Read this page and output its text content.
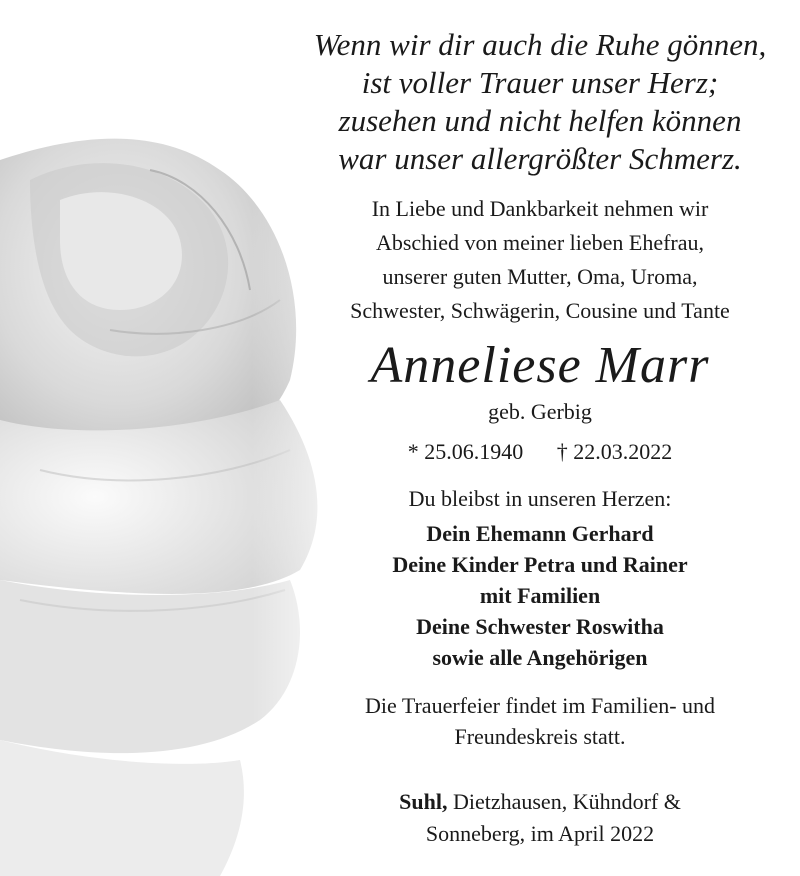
Wenn wir dir auch die Ruhe gönnen,
ist voller Trauer unser Herz;
zusehen und nicht helfen können
war unser allergrößter Schmerz.
In Liebe und Dankbarkeit nehmen wir
Abschied von meiner lieben Ehefrau,
unserer guten Mutter, Oma, Uroma,
Schwester, Schwägerin, Cousine und Tante
Anneliese Marr
geb. Gerbig
* 25.06.1940 † 22.03.2022
Du bleibst in unseren Herzen:
Dein Ehemann Gerhard
Deine Kinder Petra und Rainer
mit Familien
Deine Schwester Roswitha
sowie alle Angehörigen
Die Trauerfeier findet im Familien- und
Freundeskreis statt.
Suhl, Dietzhausen, Kühndorf &
Sonneberg, im April 2022
